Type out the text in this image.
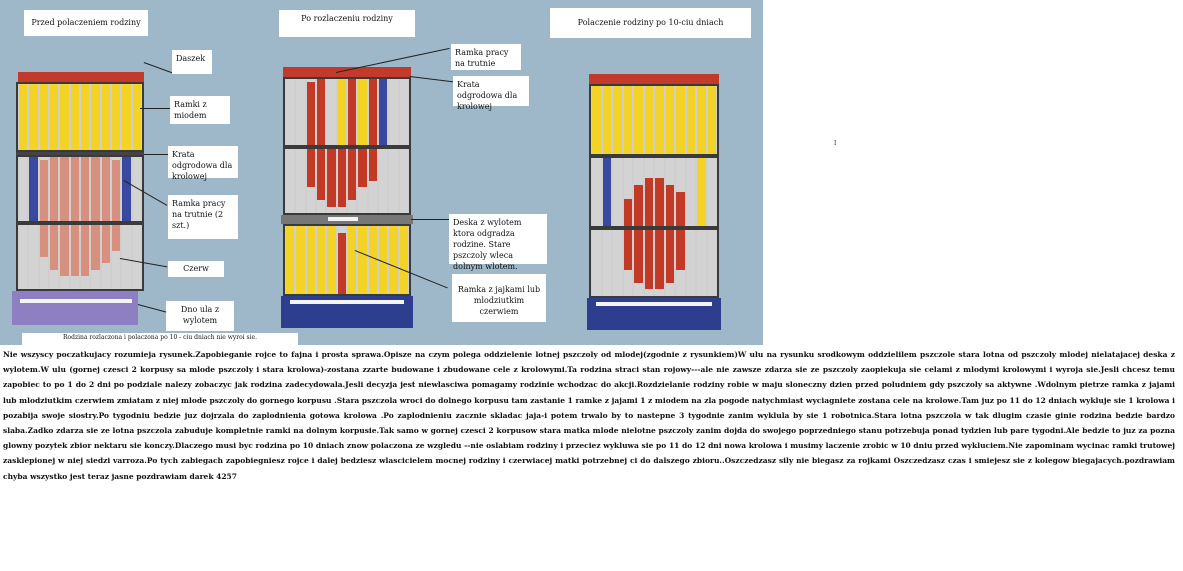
Przed polaczeniem rodziny	Po rozlaczeniu rodziny	Polaczenie rodziny po 10-ciu dniach
Daszek
Ramki z miodem
Krata odgrodowa dla krolowej
Ramka pracy na trutnie (2 szt.)
Czerw
Dno ula z wylotem
Ramka pracy na trutnie
Krata odgrodowa dla krolowej
Deska z wylotem ktora odgradza rodzine. Stare pszczoly wleca dolnym wlotem.
Ramka z jajkami lub mlodziutkim czerwiem
Rodzina rozlaczona i polaczona po 10 - ciu dniach nie wyroi sie.
I
Nie wszyscy poczatkujacy rozumieja rysunek.Zapobieganie rojce to fajna i prosta sprawa.Opisze na czym polega oddzielenie lotnej pszczoly od mlodej(zgodnie z rysunkiem)W ulu na rysunku srodkowym oddzielilem pszczole stara lotna od pszczoly mlodej nielatajacej deska z wylotem.W ulu (gornej czesci 2 korpusy sa mlode pszczoly i stara krolowa)-zostana zzarte budowane i zbudowane cele z krolowymi.Ta rodzina straci stan rojowy---ale nie zawsze zdarza sie ze pszczoly zaopiekuja sie celami z mlodymi krolowymi i wyroja sie.Jesli chcesz temu zapobiec to po 1 do 2 dni po podziale nalezy zobaczyc jak rodzina zadecydowala.Jesli decyzja jest niewlasciwa pomagamy rodzinie wchodzac do akcji.Rozdzielanie rodziny robie w maju sloneczny dzien przed poludniem gdy pszczoly sa aktywne .Wdolnym pietrze ramka z jajami lub mlodziutkim czerwiem zmiatam z niej mlode pszczoly do gornego korpusu .Stara pszczola wroci do dolnego korpusu tam zastanie 1 ramke z jajami 1 z miodem na zla pogode natychmiast wyciagniete zostana cele na krolowe.Tam juz po 11 do 12 dniach wykluje sie 1 krolowa i pozabija swoje siostry.Po tygodniu bedzie juz dojrzala do zaplodnienia gotowa krolowa .Po zaplodnieniu zacznie skladac jaja-i potem trwalo by to nastepne 3 tygodnie zanim wyklula by sie 1 robotnica.Stara lotna pszczola w tak dlugim czasie ginie rodzina bedzie bardzo slaba.Zadko zdarza sie ze lotna pszczola zabuduje kompletnie ramki na dolnym korpusie.Tak samo w gornej czesci 2 korpusow stara matka mlode nielotne pszczoly zanim dojda do swojego poprzedniego stanu potrzebuja ponad tydzien lub pare tygodni.Ale bedzie to juz za pozna glowny pozytek zbior nektaru sie konczy.Dlaczego musi byc rodzina po 10 dniach znow polaczona ze wzgledu --nie oslabiam rodziny i przeciez wykluwa sie po 11 do 12 dni nowa krolowa i musimy laczenie zrobic w 10 dniu przed wykluciem.Nie zapominam wycinac ramki trutowej zasklepionej w niej siedzi varroza.Po tych zabiegach zapobiegniesz rojce i dalej bedziesz wlascicielem mocnej rodziny i czerwiacej matki potrzebnej ci do dalszego zbioru..Oszczedzasz sily nie biegasz za rojkami Oszczedzasz czas i smiejesz sie z kolegow biegajacych.pozdrawiam chyba wszystko jest teraz jasne pozdrawiam darek 4257
